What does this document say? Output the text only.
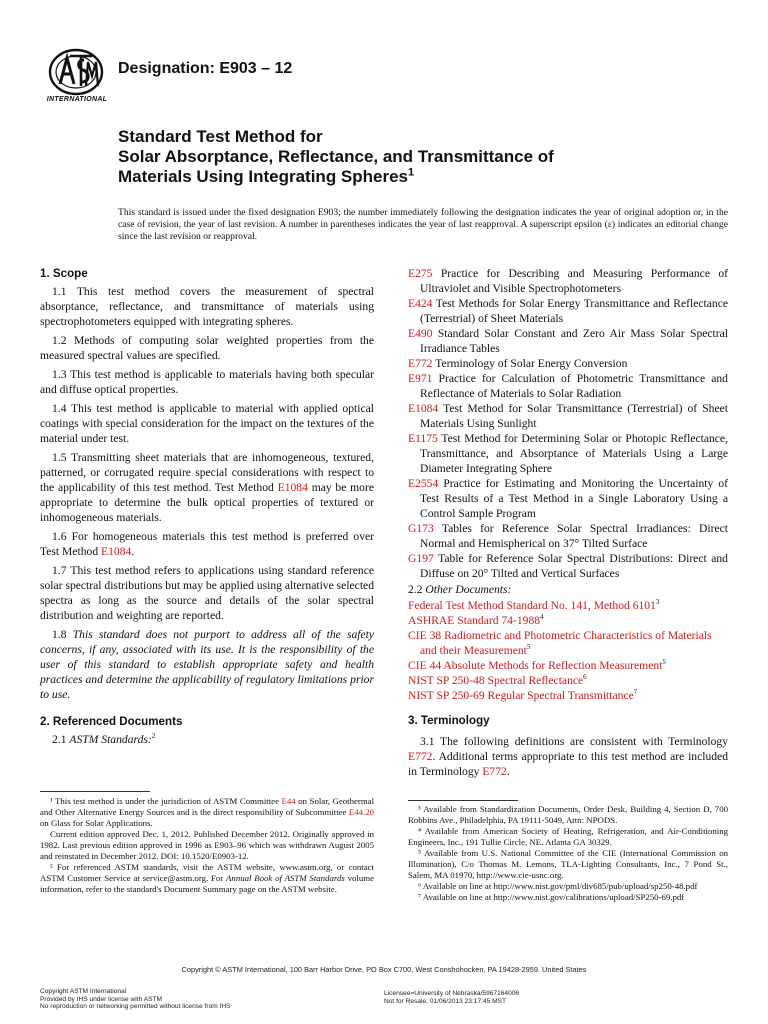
INTERNATIONAL
Designation: E903 – 12
Standard Test Method for
Solar Absorptance, Reflectance, and Transmittance of
Materials Using Integrating Spheres$^1$
This standard is issued under the fixed designation E903; the number immediately following the designation indicates the year of original adoption or, in the case of revision, the year of last revision. A number in parentheses indicates the year of last reapproval. A superscript epsilon (ε) indicates an editorial change since the last revision or reapproval.
1. Scope

1.1 This test method covers the measurement of spectral absorptance, reflectance, and transmittance of materials using spectrophotometers equipped with integrating spheres.

1.2 Methods of computing solar weighted properties from the measured spectral values are specified.

1.3 This test method is applicable to materials having both specular and diffuse optical properties.

1.4 This test method is applicable to material with applied optical coatings with special consideration for the impact on the textures of the material under test.

1.5 Transmitting sheet materials that are inhomogeneous, textured, patterned, or corrugated require special considerations with respect to the applicability of this test method. Test Method E1084 may be more appropriate to determine the bulk optical properties of textured or inhomogeneous materials.

1.6 For homogeneous materials this test method is preferred over Test Method E1084.

1.7 This test method refers to applications using standard reference solar spectral distributions but may be applied using alternative selected spectra as long as the source and details of the solar spectral distribution and weighting are reported.

1.8 This standard does not purport to address all of the safety concerns, if any, associated with its use. It is the responsibility of the user of this standard to establish appropriate safety and health practices and determine the applicability of regulatory limitations prior to use.

2. Referenced Documents

2.1 ASTM Standards:$^2$

E275 Practice for Describing and Measuring Performance of Ultraviolet and Visible Spectrophotometers

E424 Test Methods for Solar Energy Transmittance and Reflectance (Terrestrial) of Sheet Materials

E490 Standard Solar Constant and Zero Air Mass Solar Spectral Irradiance Tables

E772 Terminology of Solar Energy Conversion

E971 Practice for Calculation of Photometric Transmittance and Reflectance of Materials to Solar Radiation

E1084 Test Method for Solar Transmittance (Terrestrial) of Sheet Materials Using Sunlight

E1175 Test Method for Determining Solar or Photopic Reflectance, Transmittance, and Absorptance of Materials Using a Large Diameter Integrating Sphere

E2554 Practice for Estimating and Monitoring the Uncertainty of Test Results of a Test Method in a Single Laboratory Using a Control Sample Program

G173 Tables for Reference Solar Spectral Irradiances: Direct Normal and Hemispherical on 37° Tilted Surface

G197 Table for Reference Solar Spectral Distributions: Direct and Diffuse on 20° Tilted and Vertical Surfaces

2.2 Other Documents:

Federal Test Method Standard No. 141, Method 6101$^3$

ASHRAE Standard 74-1988$^4$

CIE 38 Radiometric and Photometric Characteristics of Materials and their Measurement$^5$

CIE 44 Absolute Methods for Reflection Measurement$^5$

NIST SP 250-48 Spectral Reflectance$^6$

NIST SP 250-69 Regular Spectral Transmittance$^7$

3. Terminology

3.1 The following definitions are consistent with Terminology E772. Additional terms appropriate to this test method are included in Terminology E772.

¹ This test method is under the jurisdiction of ASTM Committee E44 on Solar, Geothermal and Other Alternative Energy Sources and is the direct responsibility of Subcommittee E44.20 on Glass for Solar Applications.

Current edition approved Dec. 1, 2012. Published December 2012. Originally approved in 1982. Last previous edition approved in 1996 as E903–96 which was withdrawn August 2005 and reinstated in December 2012. DOI: 10.1520/E0903-12.

² For referenced ASTM standards, visit the ASTM website, www.astm.org, or contact ASTM Customer Service at service@astm.org. For Annual Book of ASTM Standards volume information, refer to the standard's Document Summary page on the ASTM website.

³ Available from Standardization Documents, Order Desk, Building 4, Section D, 700 Robbins Ave., Philadelphia, PA 19111-5049, Attn: NPODS.

⁴ Available from American Society of Heating, Refrigeration, and Air-Conditioning Engineers, Inc., 191 Tullie Circle, NE. Atlanta GA 30329.

⁵ Available from U.S. National Committee of the CIE (International Commission on Illumination), C/o Thomas M. Lemons, TLA-Lighting Consultants, Inc., 7 Pond St., Salem, MA 01970, http://www.cie-usnc.org.

⁶ Available on line at http://www.nist.gov/pml/div685/pub/upload/sp250-48.pdf

⁷ Available on line at http://www.nist.gov/calibrations/upload/SP250-69.pdf

Copyright © ASTM International, 100 Barr Harbor Drive, PO Box C700, West Conshohocken, PA 19428-2959. United States
Copyright ASTM International
Provided by IHS under license with ASTM
No reproduction or networking permitted without license from IHS
Licensee=University of Nebraska/5967164006
Not for Resale, 01/06/2013 23:17:45 MST
